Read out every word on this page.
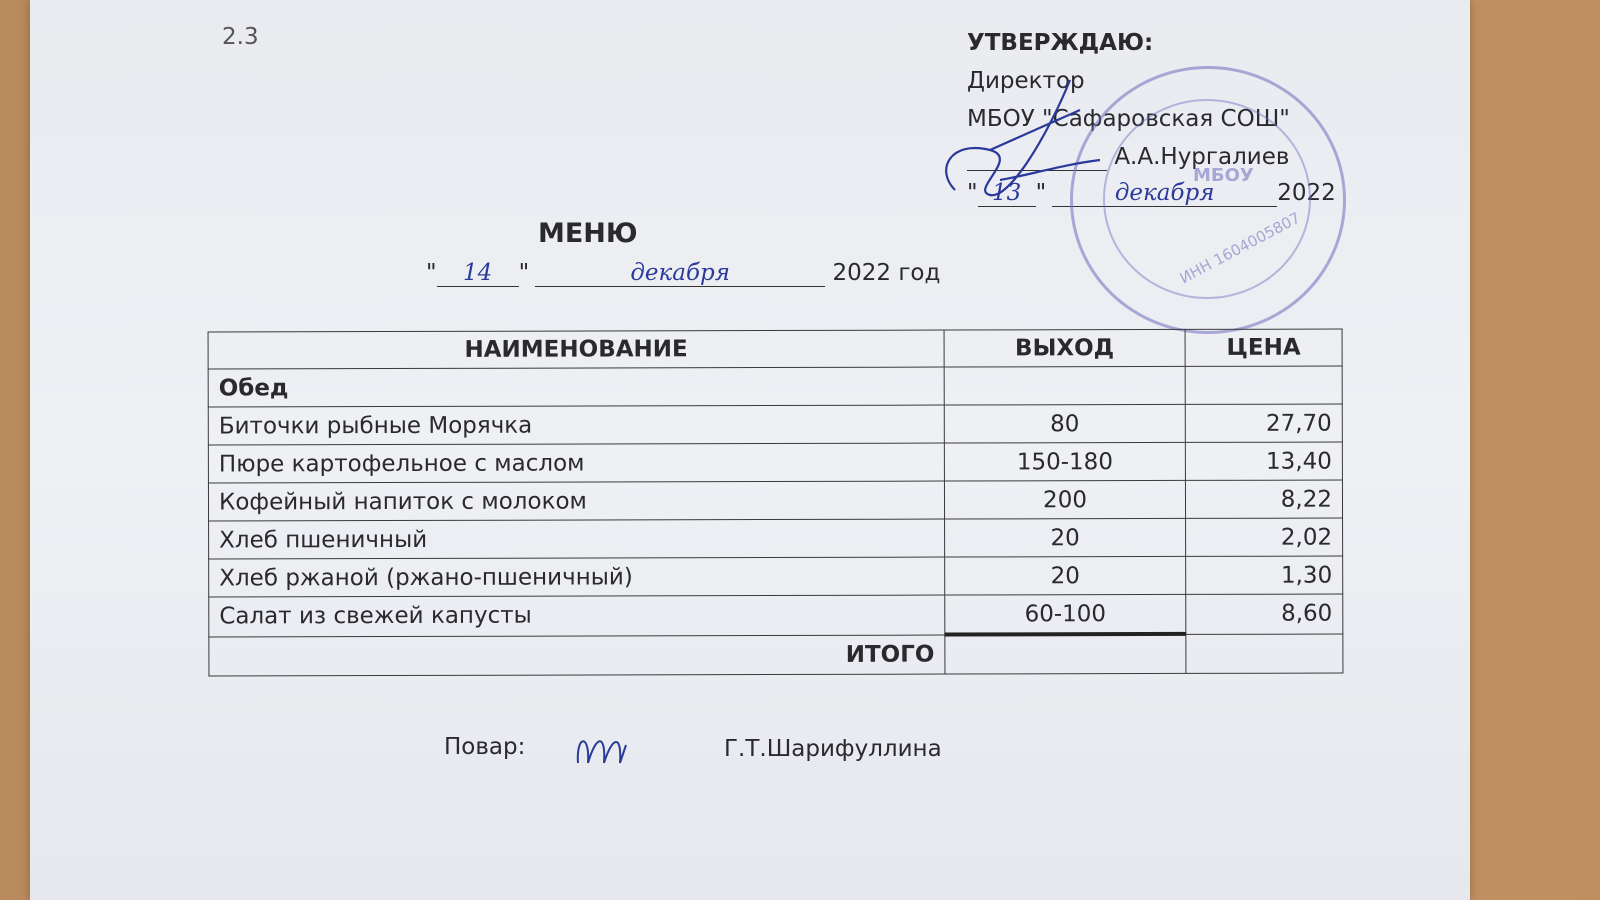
2.3	УТВЕРЖДАЮ:
Директор
МБОУ "Сафаровская СОШ"
А.А.Нургалиев
" 13 "	декабря	2022
ИНН 1604005807
МБОУ
МЕНЮ
" 14 "	декабря	2022 год
НАИМЕНОВАНИЕ	ВЫХОД	ЦЕНА
Обед		
Биточки рыбные Морячка	80	27,70
Пюре картофельное с маслом	150-180	13,40
Кофейный напиток с молоком	200	8,22
Хлеб пшеничный	20	2,02
Хлеб ржаной (ржано-пшеничный)	20	1,30
Салат из свежей капусты	60-100	8,60
ИТОГО		
Повар:	Г.Т.Шарифуллина
